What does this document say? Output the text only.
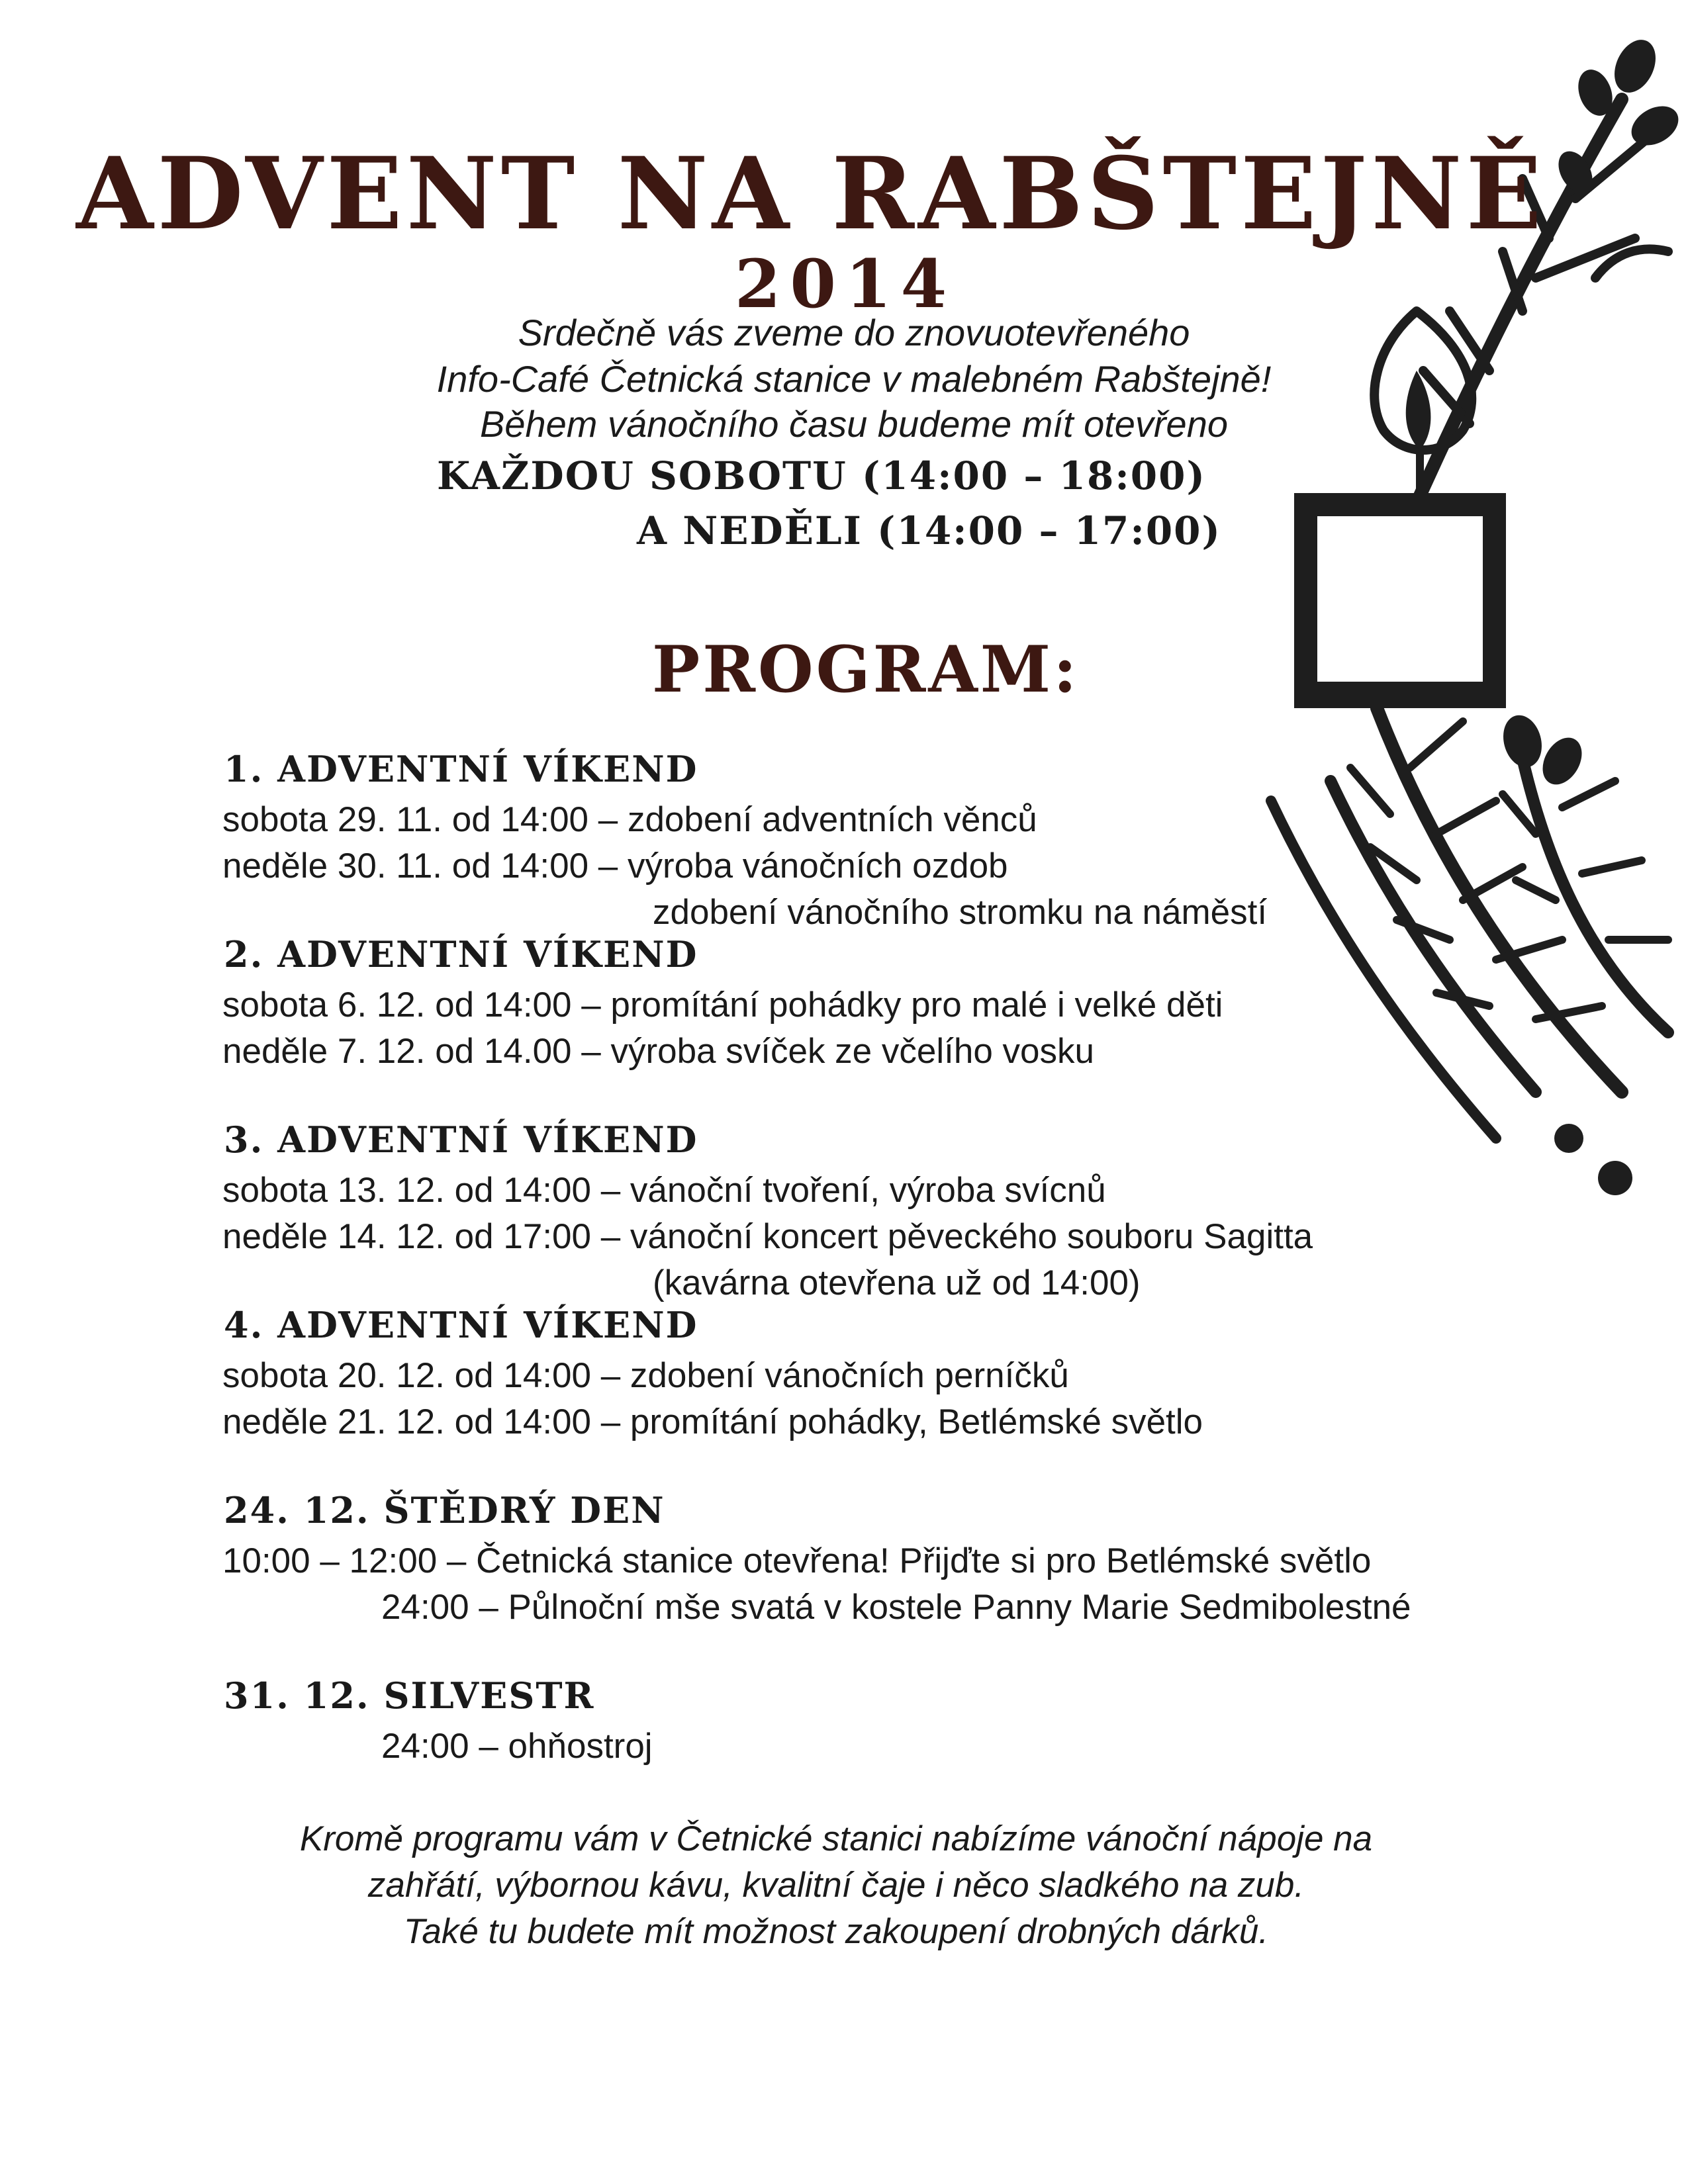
ADVENT NA RABŠTEJNĚ
2014
Srdečně vás zveme do znovuotevřeného
Info-Café Četnická stanice v malebném Rabštejně!
Během vánočního času budeme mít otevřeno
KAŽDOU SOBOTU (14:00 – 18:00)
A NEDĚLI (14:00 – 17:00)
PROGRAM:
1. ADVENTNÍ VÍKEND
sobota 29. 11. od 14:00 – zdobení adventních věnců
neděle 30. 11. od 14:00 – výroba vánočních ozdob
zdobení vánočního stromku na náměstí
2. ADVENTNÍ VÍKEND
sobota 6. 12. od 14:00 – promítání pohádky pro malé i velké děti
neděle 7. 12. od 14.00 – výroba svíček ze včelího vosku
3. ADVENTNÍ VÍKEND
sobota 13. 12. od 14:00 – vánoční tvoření, výroba svícnů
neděle 14. 12. od 17:00 – vánoční koncert pěveckého souboru Sagitta
(kavárna otevřena už od 14:00)
4. ADVENTNÍ VÍKEND
sobota 20. 12. od 14:00 – zdobení vánočních perníčků
neděle 21. 12. od 14:00 – promítání pohádky, Betlémské světlo
24. 12. ŠTĚDRÝ DEN
10:00 – 12:00 – Četnická stanice otevřena! Přijďte si pro Betlémské světlo
24:00 – Půlnoční mše svatá v kostele Panny Marie Sedmibolestné
31. 12. SILVESTR
24:00 – ohňostroj
Kromě programu vám v Četnické stanici nabízíme vánoční nápoje na
zahřátí, výbornou kávu, kvalitní čaje i něco sladkého na zub.
Také tu budete mít možnost zakoupení drobných dárků.
